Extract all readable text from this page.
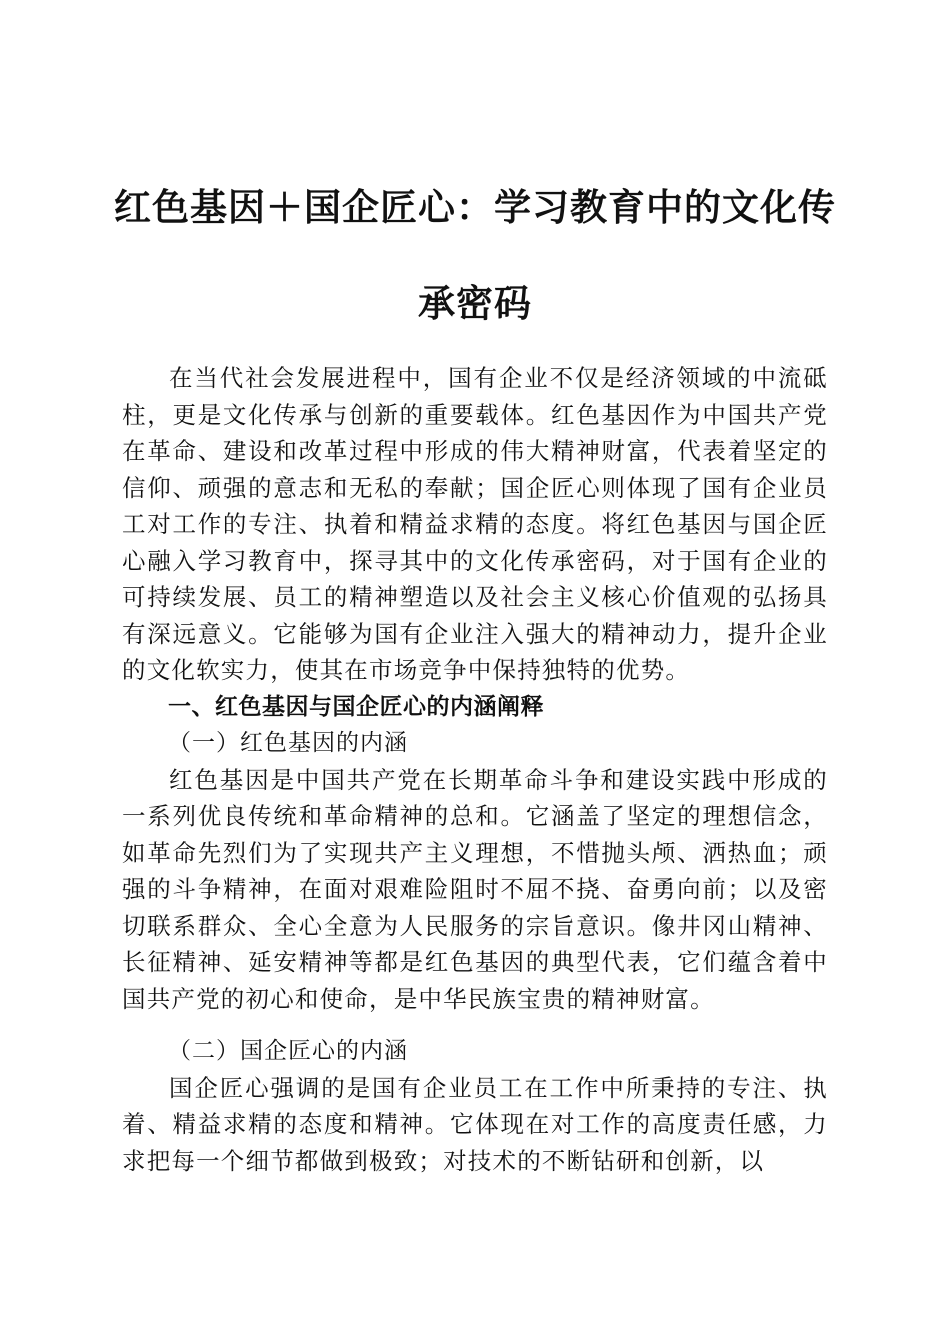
红色基因＋国企匠心：学习教育中的文化传承密码

在当代社会发展进程中，国有企业不仅是经济领域的中流砥柱，更是文化传承与创新的重要载体。红色基因作为中国共产党在革命、建设和改革过程中形成的伟大精神财富，代表着坚定的信仰、顽强的意志和无私的奉献；国企匠心则体现了国有企业员工对工作的专注、执着和精益求精的态度。将红色基因与国企匠心融入学习教育中，探寻其中的文化传承密码，对于国有企业的可持续发展、员工的精神塑造以及社会主义核心价值观的弘扬具有深远意义。它能够为国有企业注入强大的精神动力，提升企业的文化软实力，使其在市场竞争中保持独特的优势。

一、红色基因与国企匠心的内涵阐释

（一）红色基因的内涵

红色基因是中国共产党在长期革命斗争和建设实践中形成的一系列优良传统和革命精神的总和。它涵盖了坚定的理想信念，如革命先烈们为了实现共产主义理想，不惜抛头颅、洒热血；顽强的斗争精神，在面对艰难险阻时不屈不挠、奋勇向前；以及密切联系群众、全心全意为人民服务的宗旨意识。像井冈山精神、长征精神、延安精神等都是红色基因的典型代表，它们蕴含着中国共产党的初心和使命，是中华民族宝贵的精神财富。

（二）国企匠心的内涵

国企匠心强调的是国有企业员工在工作中所秉持的专注、执着、精益求精的态度和精神。它体现在对工作的高度责任感，力求把每一个细节都做到极致；对技术的不断钻研和创新，以
